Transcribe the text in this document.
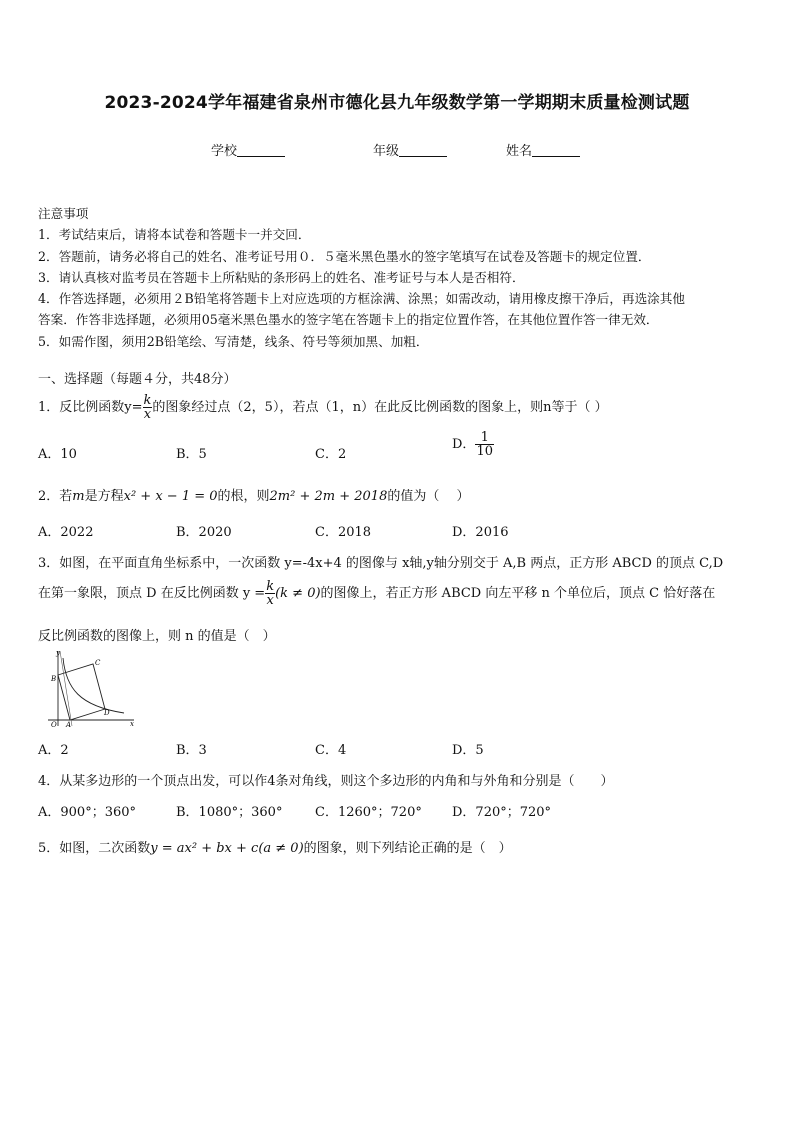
2023-2024学年福建省泉州市德化县九年级数学第一学期期末质量检测试题
学校	年级	姓名
注意事项
1．考试结束后，请将本试卷和答题卡一并交回．
2．答题前，请务必将自己的姓名、准考证号用０．５毫米黑色墨水的签字笔填写在试卷及答题卡的规定位置．
3．请认真核对监考员在答题卡上所粘贴的条形码上的姓名、准考证号与本人是否相符．
4．作答选择题，必须用２B铅笔将答题卡上对应选项的方框涂满、涂黑；如需改动，请用橡皮擦干净后，再选涂其他
答案．作答非选择题，必须用05毫米黑色墨水的签字笔在答题卡上的指定位置作答，在其他位置作答一律无效．
5．如需作图，须用2B铅笔绘、写清楚，线条、符号等须加黑、加粗．
一、选择题（每题４分，共48分）
1．反比例函数$y= \frac{k}{x}$ 的图象经过点（2，5），若点（1，n）在此反比例函数的图象上，则n等于（ ）
A．10	B．5	C．2
D． $\frac{1}{10}$
2．若m是方程x² + x − 1 = 0的根，则2m² + 2m + 2018的值为（　 ）
A．2022	B．2020	C．2018	D．2016
3．如图，在平面直角坐标系中，一次函数 y=-4x+4 的图像与 x轴,y轴分别交于 A,B 两点，正方形 ABCD 的顶点 C,D
在第一象限，顶点 D 在反比例函数 $y = \frac{k}{x} (k \ne 0)$的图像上，若正方形 ABCD 向左平移 n 个单位后，顶点 C 恰好落在
反比例函数的图像上，则 n 的值是（　）
y
x
O A
B
C
D
A．2	B．3	C．4	D．5
4．从某多边形的一个顶点出发，可以作4条对角线，则这个多边形的内角和与外角和分别是（　　）
A．900°；360°	B．1080°；360°	C．1260°；720° D．720°；720°
5．如图，二次函数y = ax² + bx + c(a ≠ 0)的图象，则下列结论正确的是（　）
